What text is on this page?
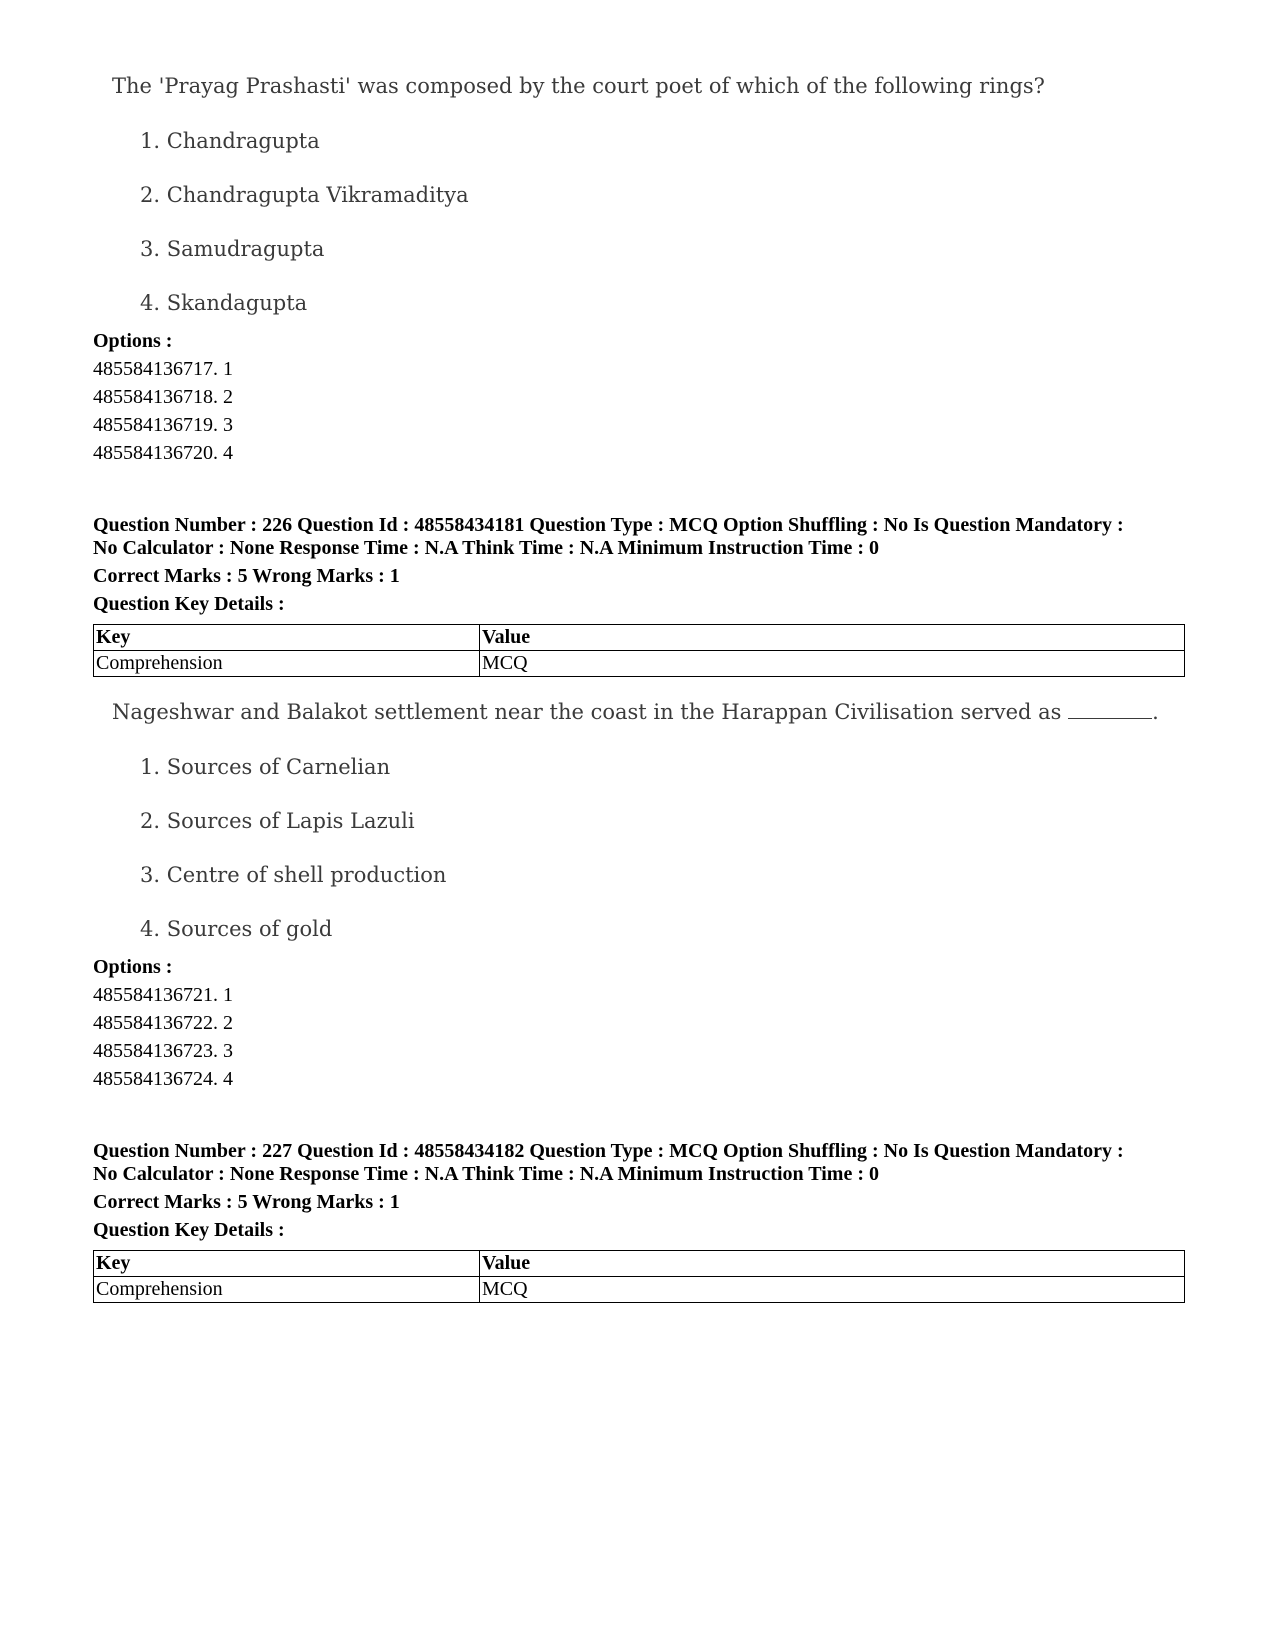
The 'Prayag Prashasti' was composed by the court poet of which of the following rings?

1. Chandragupta
2. Chandragupta Vikramaditya
3. Samudragupta
4. Skandagupta
Options :
485584136717. 1
485584136718. 2
485584136719. 3
485584136720. 4
Question Number : 226 Question Id : 48558434181 Question Type : MCQ Option Shuffling : No Is Question Mandatory :
No Calculator : None Response Time : N.A Think Time : N.A Minimum Instruction Time : 0
Correct Marks : 5 Wrong Marks : 1
Question Key Details :
Key	Value
Comprehension	MCQ

Nageshwar and Balakot settlement near the coast in the Harappan Civilisation served as	.

1. Sources of Carnelian
2. Sources of Lapis Lazuli
3. Centre of shell production
4. Sources of gold
Options :
485584136721. 1
485584136722. 2
485584136723. 3
485584136724. 4
Question Number : 227 Question Id : 48558434182 Question Type : MCQ Option Shuffling : No Is Question Mandatory :
No Calculator : None Response Time : N.A Think Time : N.A Minimum Instruction Time : 0
Correct Marks : 5 Wrong Marks : 1
Question Key Details :
Key	Value
Comprehension	MCQ
